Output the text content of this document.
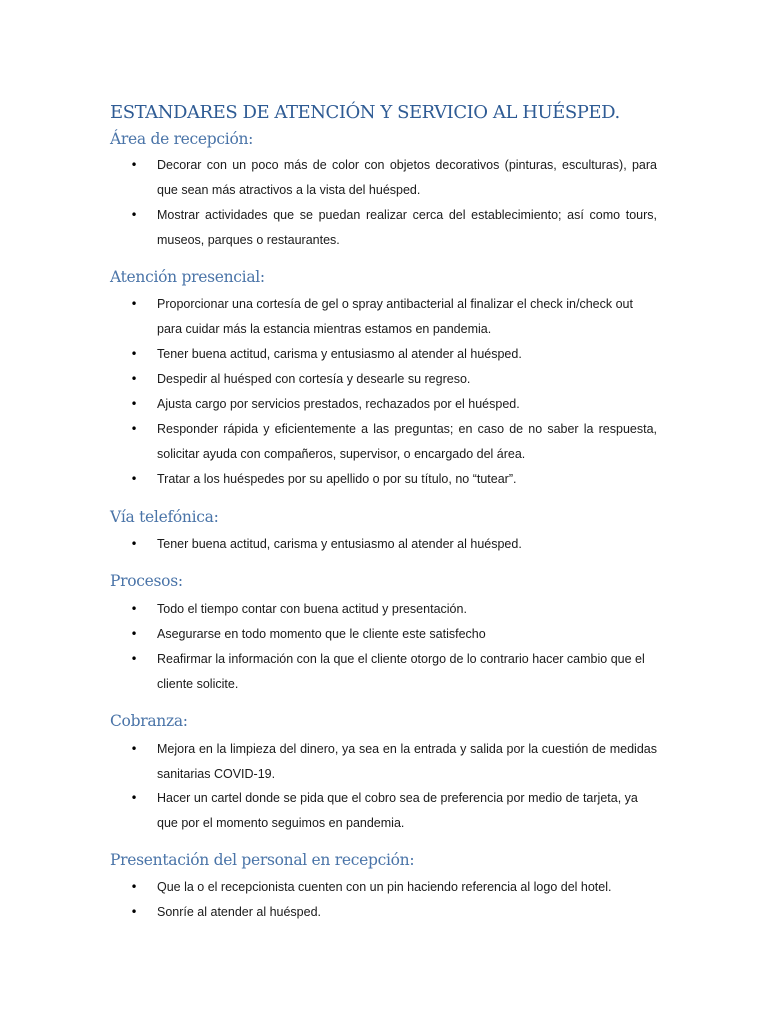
ESTANDARES DE ATENCIÓN Y SERVICIO AL HUÉSPED.
Área de recepción:
•	Decorar con un poco más de color con objetos decorativos (pinturas, esculturas), para que sean más atractivos a la vista del huésped.

•	Mostrar actividades que se puedan realizar cerca del establecimiento; así como tours, museos, parques o restaurantes.

Atención presencial:
•	Proporcionar una cortesía de gel o spray antibacterial al finalizar el check in/check out para cuidar más la estancia mientras estamos en pandemia.

•	Tener buena actitud, carisma y entusiasmo al atender al huésped.

•	Despedir al huésped con cortesía y desearle su regreso.

•	Ajusta cargo por servicios prestados, rechazados por el huésped.

•	Responder rápida y eficientemente a las preguntas; en caso de no saber la respuesta, solicitar ayuda con compañeros, supervisor, o encargado del área.

•	Tratar a los huéspedes por su apellido o por su título, no “tutear”.

Vía telefónica:
•	Tener buena actitud, carisma y entusiasmo al atender al huésped.

Procesos:
•	Todo el tiempo contar con buena actitud y presentación.

•	Asegurarse en todo momento que le cliente este satisfecho

•	Reafirmar la información con la que el cliente otorgo de lo contrario hacer cambio que el cliente solicite.

Cobranza:
•	Mejora en la limpieza del dinero, ya sea en la entrada y salida por la cuestión de medidas sanitarias COVID-19.

•	Hacer un cartel donde se pida que el cobro sea de preferencia por medio de tarjeta, ya que por el momento seguimos en pandemia.

Presentación del personal en recepción:
•	Que la o el recepcionista cuenten con un pin haciendo referencia al logo del hotel.

•	Sonríe al atender al huésped.
